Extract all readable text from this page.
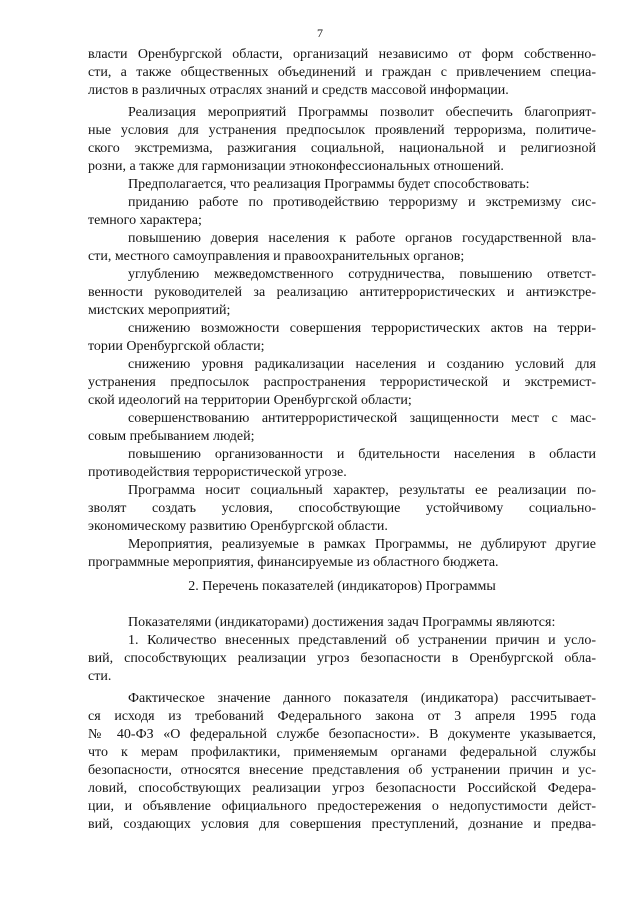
7
власти Оренбургской области, организаций независимо от форм собственно-
сти, а также общественных объединений и граждан с привлечением специа-
листов в различных отраслях знаний и средств массовой информации.
Реализация мероприятий Программы позволит обеспечить благоприят-
ные условия для устранения предпосылок проявлений терроризма, политиче-
ского экстремизма, разжигания социальной, национальной и религиозной
розни, а также для гармонизации этноконфессиональных отношений.
Предполагается, что реализация Программы будет способствовать:
приданию работе по противодействию терроризму и экстремизму сис-
темного характера;
повышению доверия населения к работе органов государственной вла-
сти, местного самоуправления и правоохранительных органов;
углублению межведомственного сотрудничества, повышению ответст-
венности руководителей за реализацию антитеррористических и антиэкстре-
мистских мероприятий;
снижению возможности совершения террористических актов на терри-
тории Оренбургской области;
снижению уровня радикализации населения и созданию условий для
устранения предпосылок распространения террористической и экстремист-
ской идеологий на территории Оренбургской области;
совершенствованию антитеррористической защищенности мест с мас-
совым пребыванием людей;
повышению организованности и бдительности населения в области
противодействия террористической угрозе.
Программа носит социальный характер, результаты ее реализации по-
зволят создать условия, способствующие устойчивому социально-
экономическому развитию Оренбургской области.
Мероприятия, реализуемые в рамках Программы, не дублируют другие
программные мероприятия, финансируемые из областного бюджета.
Показателями (индикаторами) достижения задач Программы являются:
1. Количество внесенных представлений об устранении причин и усло-
вий, способствующих реализации угроз безопасности в Оренбургской обла-
сти.
Фактическое значение данного показателя (индикатора) рассчитывает-
ся исходя из требований Федерального закона от 3 апреля 1995 года
№ 40-ФЗ «О федеральной службе безопасности». В документе указывается,
что к мерам профилактики, применяемым органами федеральной службы
безопасности, относятся внесение представления об устранении причин и ус-
ловий, способствующих реализации угроз безопасности Российской Федера-
ции, и объявление официального предостережения о недопустимости дейст-
вий, создающих условия для совершения преступлений, дознание и предва-
2. Перечень показателей (индикаторов) Программы
